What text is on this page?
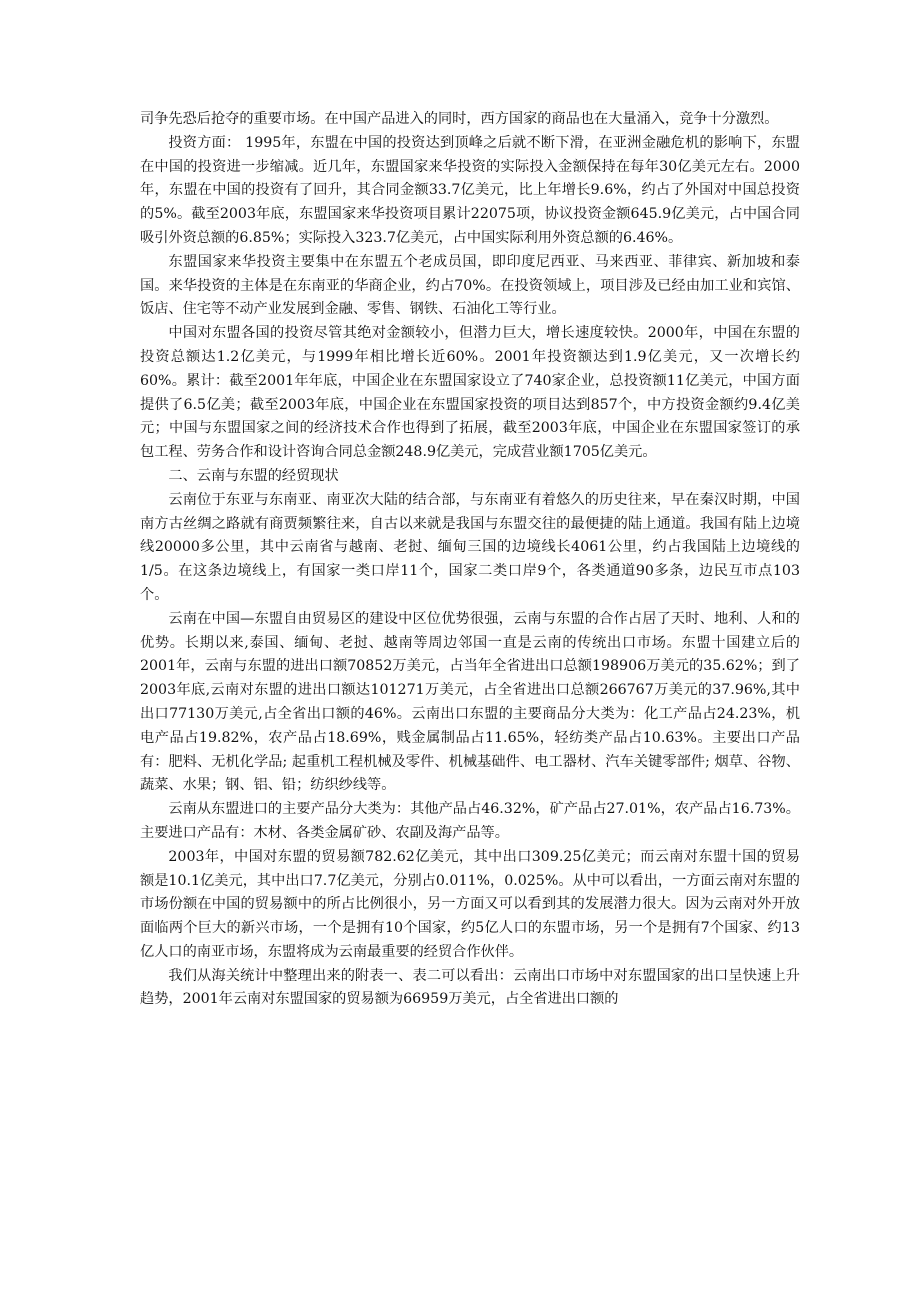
司争先恐后抢夺的重要市场。在中国产品进入的同时，西方国家的商品也在大量涌入，竞争十分激烈。

投资方面： 1995年，东盟在中国的投资达到顶峰之后就不断下滑，在亚洲金融危机的影响下，东盟在中国的投资进一步缩减。近几年，东盟国家来华投资的实际投入金额保持在每年30亿美元左右。2000年，东盟在中国的投资有了回升，其合同金额33.7亿美元，比上年增长9.6%，约占了外国对中国总投资的5%。截至2003年底，东盟国家来华投资项目累计22075项，协议投资金额645.9亿美元，占中国合同吸引外资总额的6.85%；实际投入323.7亿美元，占中国实际利用外资总额的6.46%。

东盟国家来华投资主要集中在东盟五个老成员国，即印度尼西亚、马来西亚、菲律宾、新加坡和泰国。来华投资的主体是在东南亚的华商企业，约占70%。在投资领域上，项目涉及已经由加工业和宾馆、饭店、住宅等不动产业发展到金融、零售、钢铁、石油化工等行业。

中国对东盟各国的投资尽管其绝对金额较小，但潜力巨大，增长速度较快。2000年，中国在东盟的投资总额达1.2亿美元，与1999年相比增长近60%。2001年投资额达到1.9亿美元，又一次增长约60%。累计：截至2001年年底，中国企业在东盟国家设立了740家企业，总投资额11亿美元，中国方面提供了6.5亿美；截至2003年底，中国企业在东盟国家投资的项目达到857个，中方投资金额约9.4亿美元；中国与东盟国家之间的经济技术合作也得到了拓展，截至2003年底，中国企业在东盟国家签订的承包工程、劳务合作和设计咨询合同总金额248.9亿美元，完成营业额1705亿美元。

二、云南与东盟的经贸现状

云南位于东亚与东南亚、南亚次大陆的结合部，与东南亚有着悠久的历史往来，早在秦汉时期，中国南方古丝绸之路就有商贾频繁往来，自古以来就是我国与东盟交往的最便捷的陆上通道。我国有陆上边境线20000多公里，其中云南省与越南、老挝、缅甸三国的边境线长4061公里，约占我国陆上边境线的1/5。在这条边境线上，有国家一类口岸11个，国家二类口岸9个，各类通道90多条，边民互市点103个。

云南在中国—东盟自由贸易区的建设中区位优势很强，云南与东盟的合作占居了天时、地利、人和的优势。长期以来,泰国、缅甸、老挝、越南等周边邻国一直是云南的传统出口市场。东盟十国建立后的2001年，云南与东盟的进出口额70852万美元，占当年全省进出口总额198906万美元的35.62%；到了2003年底,云南对东盟的进出口额达101271万美元，占全省进出口总额266767万美元的37.96%,其中出口77130万美元,占全省出口额的46%。云南出口东盟的主要商品分大类为：化工产品占24.23%，机电产品占19.82%，农产品占18.69%，贱金属制品占11.65%，轻纺类产品占10.63%。主要出口产品有：肥料、无机化学品; 起重机工程机械及零件、机械基础件、电工器材、汽车关键零部件; 烟草、谷物、蔬菜、水果；钢、铝、铅；纺织纱线等。

云南从东盟进口的主要产品分大类为：其他产品占46.32%，矿产品占27.01%，农产品占16.73%。主要进口产品有：木材、各类金属矿砂、农副及海产品等。

2003年，中国对东盟的贸易额782.62亿美元，其中出口309.25亿美元；而云南对东盟十国的贸易额是10.1亿美元，其中出口7.7亿美元，分别占0.011%，0.025%。从中可以看出，一方面云南对东盟的市场份额在中国的贸易额中的所占比例很小，另一方面又可以看到其的发展潜力很大。因为云南对外开放面临两个巨大的新兴市场，一个是拥有10个国家，约5亿人口的东盟市场，另一个是拥有7个国家、约13亿人口的南亚市场，东盟将成为云南最重要的经贸合作伙伴。

我们从海关统计中整理出来的附表一、表二可以看出：云南出口市场中对东盟国家的出口呈快速上升趋势，2001年云南对东盟国家的贸易额为66959万美元，占全省进出口额的
